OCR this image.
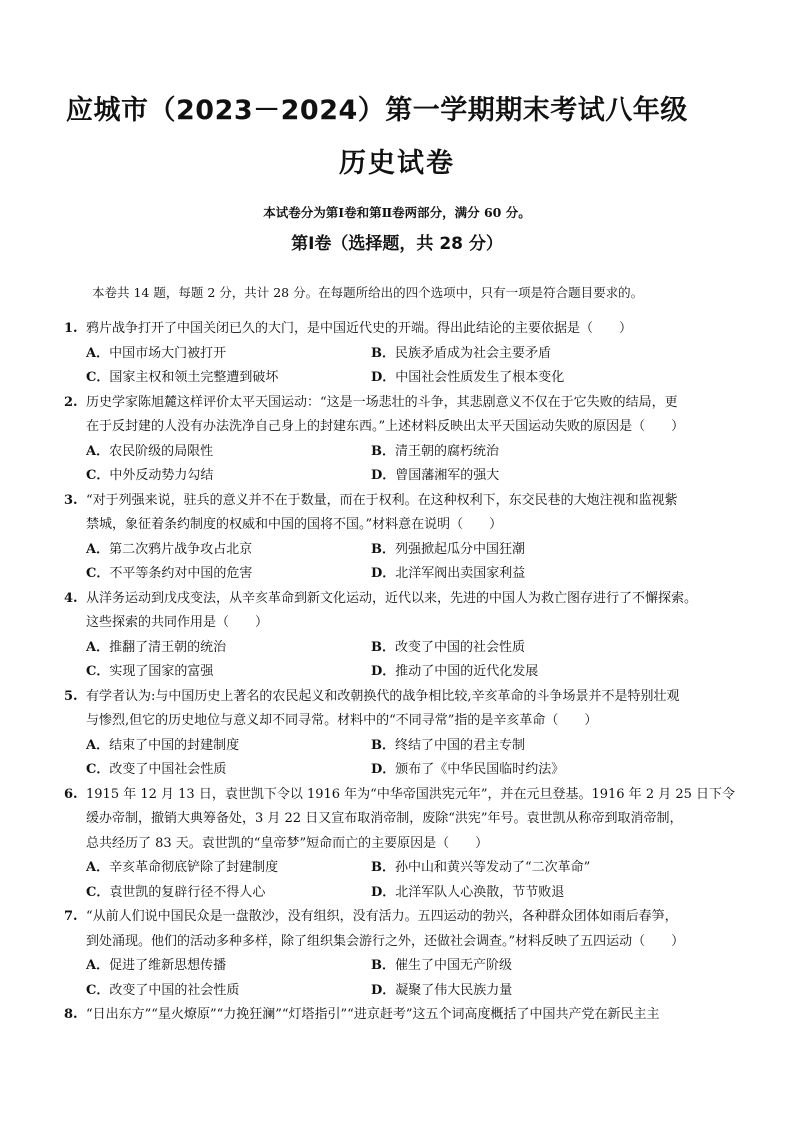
应城市（2023－2024）第一学期期末考试八年级
历史试卷
本试卷分为第Ⅰ卷和第Ⅱ卷两部分，满分 60 分。
第Ⅰ卷（选择题，共 28 分）
本卷共 14 题，每题 2 分，共计 28 分。在每题所给出的四个选项中，只有一项是符合题目要求的。
1. 鸦片战争打开了中国关闭已久的大门，是中国近代史的开端。得出此结论的主要依据是（　　）
A．中国市场大门被打开	B．民族矛盾成为社会主要矛盾
C．国家主权和领土完整遭到破坏	D．中国社会性质发生了根本变化
2. 历史学家陈旭麓这样评价太平天国运动：“这是一场悲壮的斗争，其悲剧意义不仅在于它失败的结局，更
在于反封建的人没有办法洗净自己身上的封建东西。”上述材料反映出太平天国运动失败的原因是（　　）
A．农民阶级的局限性	B．清王朝的腐朽统治
C．中外反动势力勾结	D．曾国藩湘军的强大
3. “对于列强来说，驻兵的意义并不在于数量，而在于权利。在这种权利下，东交民巷的大炮注视和监视紫
禁城，象征着条约制度的权威和中国的国将不国。”材料意在说明（　　）
A．第二次鸦片战争攻占北京	B．列强掀起瓜分中国狂潮
C．不平等条约对中国的危害	D．北洋军阀出卖国家利益
4. 从洋务运动到戊戌变法，从辛亥革命到新文化运动，近代以来，先进的中国人为救亡图存进行了不懈探索。
这些探索的共同作用是（　　）
A．推翻了清王朝的统治	B．改变了中国的社会性质
C．实现了国家的富强	D．推动了中国的近代化发展
5. 有学者认为:与中国历史上著名的农民起义和改朝换代的战争相比较,辛亥革命的斗争场景并不是特别壮观
与惨烈,但它的历史地位与意义却不同寻常。材料中的“不同寻常”指的是辛亥革命（　　）
A．结束了中国的封建制度	B．终结了中国的君主专制
C．改变了中国社会性质	D．颁布了《中华民国临时约法》
6. 1915 年 12 月 13 日，袁世凯下令以 1916 年为“中华帝国洪宪元年”，并在元旦登基。1916 年 2 月 25 日下令
缓办帝制，撤销大典筹备处，3 月 22 日又宣布取消帝制，废除“洪宪”年号。袁世凯从称帝到取消帝制，
总共经历了 83 天。袁世凯的“皇帝梦”短命而亡的主要原因是（　　）
A．辛亥革命彻底铲除了封建制度	B．孙中山和黄兴等发动了“二次革命”
C．袁世凯的复辟行径不得人心	D．北洋军队人心涣散，节节败退
7. “从前人们说中国民众是一盘散沙，没有组织，没有活力。五四运动的勃兴，各种群众团体如雨后春笋，
到处涌现。他们的活动多种多样，除了组织集会游行之外，还做社会调查。”材料反映了五四运动（　　）
A．促进了维新思想传播	B．催生了中国无产阶级
C．改变了中国的社会性质	D．凝聚了伟大民族力量
8. “日出东方”“星火燎原”“力挽狂澜”“灯塔指引”“进京赶考”这五个词高度概括了中国共产党在新民主主
